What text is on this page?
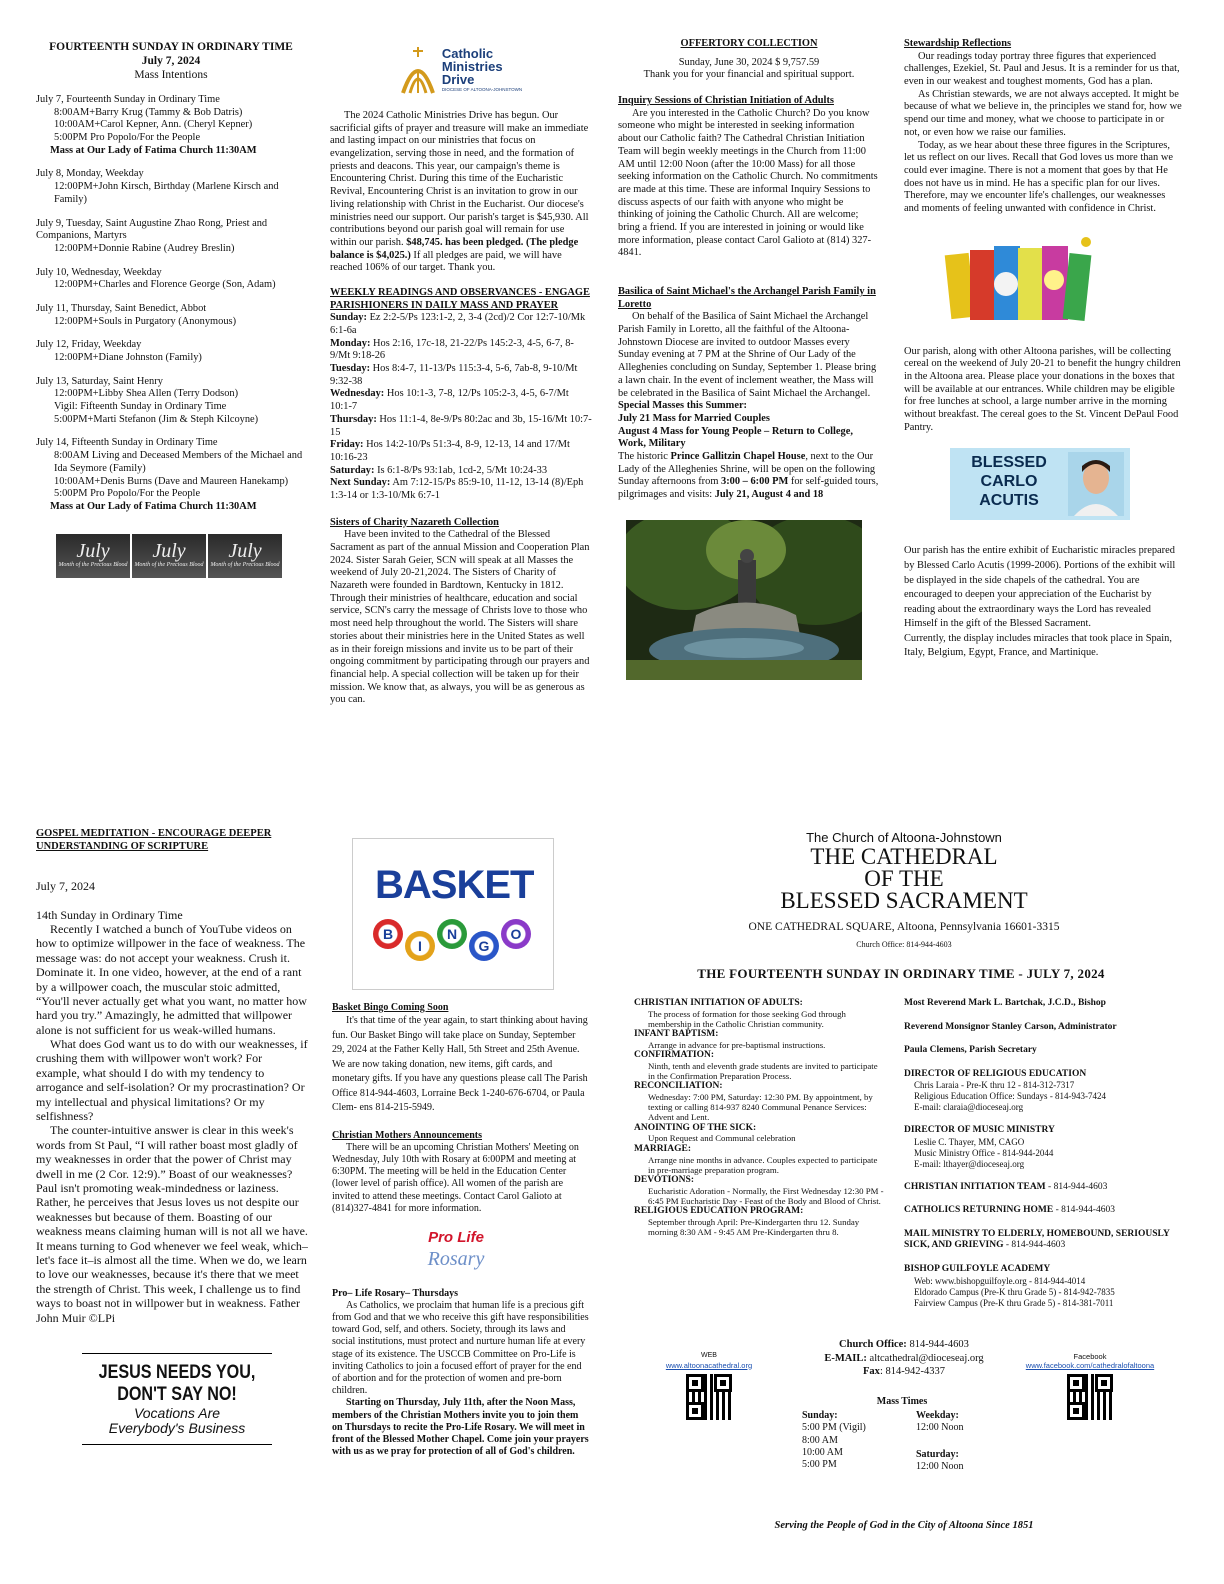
FOURTEENTH SUNDAY IN ORDINARY TIME

July 7, 2024

Mass Intentions

July 7, Fourteenth Sunday in Ordinary Time

8:00AM+Barry Krug (Tammy & Bob Datris)

10:00AM+Carol Kepner, Ann. (Cheryl Kepner)

5:00PM Pro Popolo/For the People

Mass at Our Lady of Fatima Church 11:30AM

July 8, Monday, Weekday

12:00PM+John Kirsch, Birthday (Marlene Kirsch and Family)

July 9, Tuesday, Saint Augustine Zhao Rong, Priest and Companions, Martyrs

12:00PM+Donnie Rabine (Audrey Breslin)

July 10, Wednesday, Weekday

12:00PM+Charles and Florence George (Son, Adam)

July 11, Thursday, Saint Benedict, Abbot

12:00PM+Souls in Purgatory (Anonymous)

July 12, Friday, Weekday

12:00PM+Diane Johnston (Family)

July 13, Saturday, Saint Henry

12:00PM+Libby Shea Allen (Terry Dodson)

Vigil: Fifteenth Sunday in Ordinary Time

5:00PM+Marti Stefanon (Jim & Steph Kilcoyne)

July 14, Fifteenth Sunday in Ordinary Time

8:00AM Living and Deceased Members of the Michael and Ida Seymore (Family)

10:00AM+Denis Burns (Dave and Maureen Hanekamp)

5:00PM Pro Popolo/For the People

Mass at Our Lady of Fatima Church 11:30AM

July
Month of the Precious Blood
July
Month of the Precious Blood
July
Month of the Precious Blood
Catholic
Ministries
Drive
DIOCESE OF ALTOONA-JOHNSTOWN

The 2024 Catholic Ministries Drive has begun. Our sacrificial gifts of prayer and treasure will make an immediate and lasting impact on our ministries that focus on evangelization, serving those in need, and the formation of priests and deacons. This year, our campaign's theme is Encountering Christ. During this time of the Eucharistic Revival, Encountering Christ is an invitation to grow in our living relationship with Christ in the Eucharist. Our diocese's ministries need our support. Our parish's target is $45,930. All contributions beyond our parish goal will remain for use within our parish. $48,745. has been pledged. (The pledge balance is $4,025.) If all pledges are paid, we will have reached 106% of our target. Thank you.

WEEKLY READINGS AND OBSERVANCES - ENGAGE PARISHIONERS IN DAILY MASS AND PRAYER

Sunday: Ez 2:2-5/Ps 123:1-2, 2, 3-4 (2cd)/2 Cor 12:7-10/Mk 6:1-6a

Monday: Hos 2:16, 17c-18, 21-22/Ps 145:2-3, 4-5, 6-7, 8-9/Mt 9:18-26

Tuesday: Hos 8:4-7, 11-13/Ps 115:3-4, 5-6, 7ab-8, 9-10/Mt 9:32-38

Wednesday: Hos 10:1-3, 7-8, 12/Ps 105:2-3, 4-5, 6-7/Mt 10:1-7

Thursday: Hos 11:1-4, 8e-9/Ps 80:2ac and 3b, 15-16/Mt 10:7-15

Friday: Hos 14:2-10/Ps 51:3-4, 8-9, 12-13, 14 and 17/Mt 10:16-23

Saturday: Is 6:1-8/Ps 93:1ab, 1cd-2, 5/Mt 10:24-33

Next Sunday: Am 7:12-15/Ps 85:9-10, 11-12, 13-14 (8)/Eph 1:3-14 or 1:3-10/Mk 6:7-1

Sisters of Charity Nazareth Collection

Have been invited to the Cathedral of the Blessed Sacrament as part of the annual Mission and Cooperation Plan 2024. Sister Sarah Geier, SCN will speak at all Masses the weekend of July 20-21,2024. The Sisters of Charity of Nazareth were founded in Bardtown, Kentucky in 1812. Through their ministries of healthcare, education and social service, SCN's carry the message of Christs love to those who most need help throughout the world. The Sisters will share stories about their ministries here in the United States as well as in their foreign missions and invite us to be part of their ongoing commitment by participating through our prayers and financial help. A special collection will be taken up for their mission. We know that, as always, you will be as generous as you can.

OFFERTORY COLLECTION

Sunday, June 30, 2024 $ 9,757.59

Thank you for your financial and spiritual support.

Inquiry Sessions of Christian Initiation of Adults

Are you interested in the Catholic Church? Do you know someone who might be interested in seeking information about our Catholic faith? The Cathedral Christian Initiation Team will begin weekly meetings in the Church from 11:00 AM until 12:00 Noon (after the 10:00 Mass) for all those seeking information on the Catholic Church. No commitments are made at this time. These are informal Inquiry Sessions to discuss aspects of our faith with anyone who might be thinking of joining the Catholic Church. All are welcome; bring a friend. If you are interested in joining or would like more information, please contact Carol Galioto at (814) 327-4841.

Basilica of Saint Michael's the Archangel Parish Family in Loretto

On behalf of the Basilica of Saint Michael the Archangel Parish Family in Loretto, all the faithful of the Altoona-Johnstown Diocese are invited to outdoor Masses every Sunday evening at 7 PM at the Shrine of Our Lady of the Alleghenies concluding on Sunday, September 1. Please bring a lawn chair. In the event of inclement weather, the Mass will be celebrated in the Basilica of Saint Michael the Archangel.

Special Masses this Summer:

July 21 Mass for Married Couples

August 4 Mass for Young People – Return to College, Work, Military

The historic Prince Gallitzin Chapel House, next to the Our Lady of the Alleghenies Shrine, will be open on the following Sunday afternoons from 3:00 – 6:00 PM for self-guided tours, pilgrimages and visits: July 21, August 4 and 18

Stewardship Reflections

Our readings today portray three figures that experienced challenges, Ezekiel, St. Paul and Jesus. It is a reminder for us that, even in our weakest and toughest moments, God has a plan.

As Christian stewards, we are not always accepted. It might be because of what we believe in, the principles we stand for, how we spend our time and money, what we choose to participate in or not, or even how we raise our families.

Today, as we hear about these three figures in the Scriptures, let us reflect on our lives. Recall that God loves us more than we could ever imagine. There is not a moment that goes by that He does not have us in mind. He has a specific plan for our lives. Therefore, may we encounter life's challenges, our weaknesses and moments of feeling unwanted with confidence in Christ.

Our parish, along with other Altoona parishes, will be collecting cereal on the weekend of July 20-21 to benefit the hungry children in the Altoona area. Please place your donations in the boxes that will be available at our entrances. While children may be eligible for free lunches at school, a large number arrive in the morning without breakfast. The cereal goes to the St. Vincent DePaul Food Pantry.

BLESSED
CARLO
ACUTIS

Our parish has the entire exhibit of Eucharistic miracles prepared by Blessed Carlo Acutis (1999-2006). Portions of the exhibit will be displayed in the side chapels of the cathedral. You are encouraged to deepen your appreciation of the Eucharist by reading about the extraordinary ways the Lord has revealed Himself in the gift of the Blessed Sacrament.

Currently, the display includes miracles that took place in Spain, Italy, Belgium, Egypt, France, and Martinique.

GOSPEL MEDITATION - ENCOURAGE DEEPER UNDERSTANDING OF SCRIPTURE

July 7, 2024

14th Sunday in Ordinary Time

Recently I watched a bunch of YouTube videos on how to optimize willpower in the face of weakness. The message was: do not accept your weakness. Crush it. Dominate it. In one video, however, at the end of a rant by a willpower coach, the muscular stoic admitted, “You'll never actually get what you want, no matter how hard you try.” Amazingly, he admitted that willpower alone is not sufficient for us weak-willed humans.

What does God want us to do with our weaknesses, if crushing them with willpower won't work? For example, what should I do with my tendency to arrogance and self-isolation? Or my procrastination? Or my intellectual and physical limitations? Or my selfishness?

The counter-intuitive answer is clear in this week's words from St Paul, “I will rather boast most gladly of my weaknesses in order that the power of Christ may dwell in me (2 Cor. 12:9).” Boast of our weaknesses? Paul isn't promoting weak-mindedness or laziness. Rather, he perceives that Jesus loves us not despite our weaknesses but because of them. Boasting of our weakness means claiming human will is not all we have. It means turning to God whenever we feel weak, which–let's face it–is almost all the time. When we do, we learn to love our weaknesses, because it's there that we meet the strength of Christ. This week, I challenge us to find ways to boast not in willpower but in weakness. Father John Muir ©LPi

JESUS NEEDS YOU,
DON'T SAY NO!
Vocations Are
Everybody's Business
BASKET
B
I
N
G
O

Basket Bingo Coming Soon

It's that time of the year again, to start thinking about having fun. Our Basket Bingo will take place on Sunday, September 29, 2024 at the Father Kelly Hall, 5th Street and 25th Avenue. We are now taking donation, new items, gift cards, and monetary gifts. If you have any questions please call The Parish Office 814-944-4603, Lorraine Beck 1-240-676-6704, or Paula Clem- ens 814-215-5949.

Christian Mothers Announcements

There will be an upcoming Christian Mothers' Meeting on Wednesday, July 10th with Rosary at 6:00PM and meeting at 6:30PM. The meeting will be held in the Education Center (lower level of parish office). All women of the parish are invited to attend these meetings. Contact Carol Galioto at (814)327-4841 for more information.

Pro Life
Rosary

Pro– Life Rosary– Thursdays

As Catholics, we proclaim that human life is a precious gift from God and that we who receive this gift have responsibilities toward God, self, and others. Society, through its laws and social institutions, must protect and nurture human life at every stage of its existence. The USCCB Committee on Pro-Life is inviting Catholics to join a focused effort of prayer for the end of abortion and for the protection of women and pre-born children.

Starting on Thursday, July 11th, after the Noon Mass, members of the Christian Mothers invite you to join them on Thursdays to recite the Pro-Life Rosary. We will meet in front of the Blessed Mother Chapel. Come join your prayers with us as we pray for protection of all of God's children.

The Church of Altoona-Johnstown

THE CATHEDRAL

OF THE

BLESSED SACRAMENT

ONE CATHEDRAL SQUARE, Altoona, Pennsylvania 16601-3315

Church Office: 814-944-4603

THE FOURTEENTH SUNDAY IN ORDINARY TIME - JULY 7, 2024

CHRISTIAN INITIATION OF ADULTS:

The process of formation for those seeking God through membership in the Catholic Christian community.

INFANT BAPTISM:

Arrange in advance for pre-baptismal instructions.

CONFIRMATION:

Ninth, tenth and eleventh grade students are invited to participate in the Confirmation Preparation Process.

RECONCILIATION:

Wednesday: 7:00 PM, Saturday: 12:30 PM. By appointment, by texting or calling 814-937 8240 Communal Penance Services: Advent and Lent.

ANOINTING OF THE SICK:

Upon Request and Communal celebration

MARRIAGE:

Arrange nine months in advance. Couples expected to participate in pre-marriage preparation program.

DEVOTIONS:

Eucharistic Adoration - Normally, the First Wednesday 12:30 PM - 6:45 PM Eucharistic Day - Feast of the Body and Blood of Christ.

RELIGIOUS EDUCATION PROGRAM:

September through April: Pre-Kindergarten thru 12. Sunday morning 8:30 AM - 9:45 AM Pre-Kindergarten thru 8.

Most Reverend Mark L. Bartchak, J.C.D., Bishop

Reverend Monsignor Stanley Carson, Administrator

Paula Clemens, Parish Secretary

DIRECTOR OF RELIGIOUS EDUCATION

Chris Laraia - Pre-K thru 12 - 814-312-7317

Religious Education Office: Sundays - 814-943-7424

E-mail: claraia@dioceseaj.org

DIRECTOR OF MUSIC MINISTRY

Leslie C. Thayer, MM, CAGO

Music Ministry Office - 814-944-2044

E-mail: lthayer@dioceseaj.org

CHRISTIAN INITIATION TEAM - 814-944-4603

CATHOLICS RETURNING HOME - 814-944-4603

MAIL MINISTRY TO ELDERLY, HOMEBOUND, SERIOUSLY SICK, AND GRIEVING - 814-944-4603

BISHOP GUILFOYLE ACADEMY

Web: www.bishopguilfoyle.org - 814-944-4014

Eldorado Campus (Pre-K thru Grade 5) - 814-942-7835

Fairview Campus (Pre-K thru Grade 5) - 814-381-7011

Church Office: 814-944-4603

E-MAIL: altcathedral@dioceseaj.org

Fax: 814-942-4337

WEB

www.altoonacathedral.org

Facebook

www.facebook.com/cathedralofaltoona

Mass Times

Sunday:

5:00 PM (Vigil)

8:00 AM

10:00 AM

5:00 PM

Weekday:

12:00 Noon

Saturday:

12:00 Noon

Serving the People of God in the City of Altoona Since 1851
